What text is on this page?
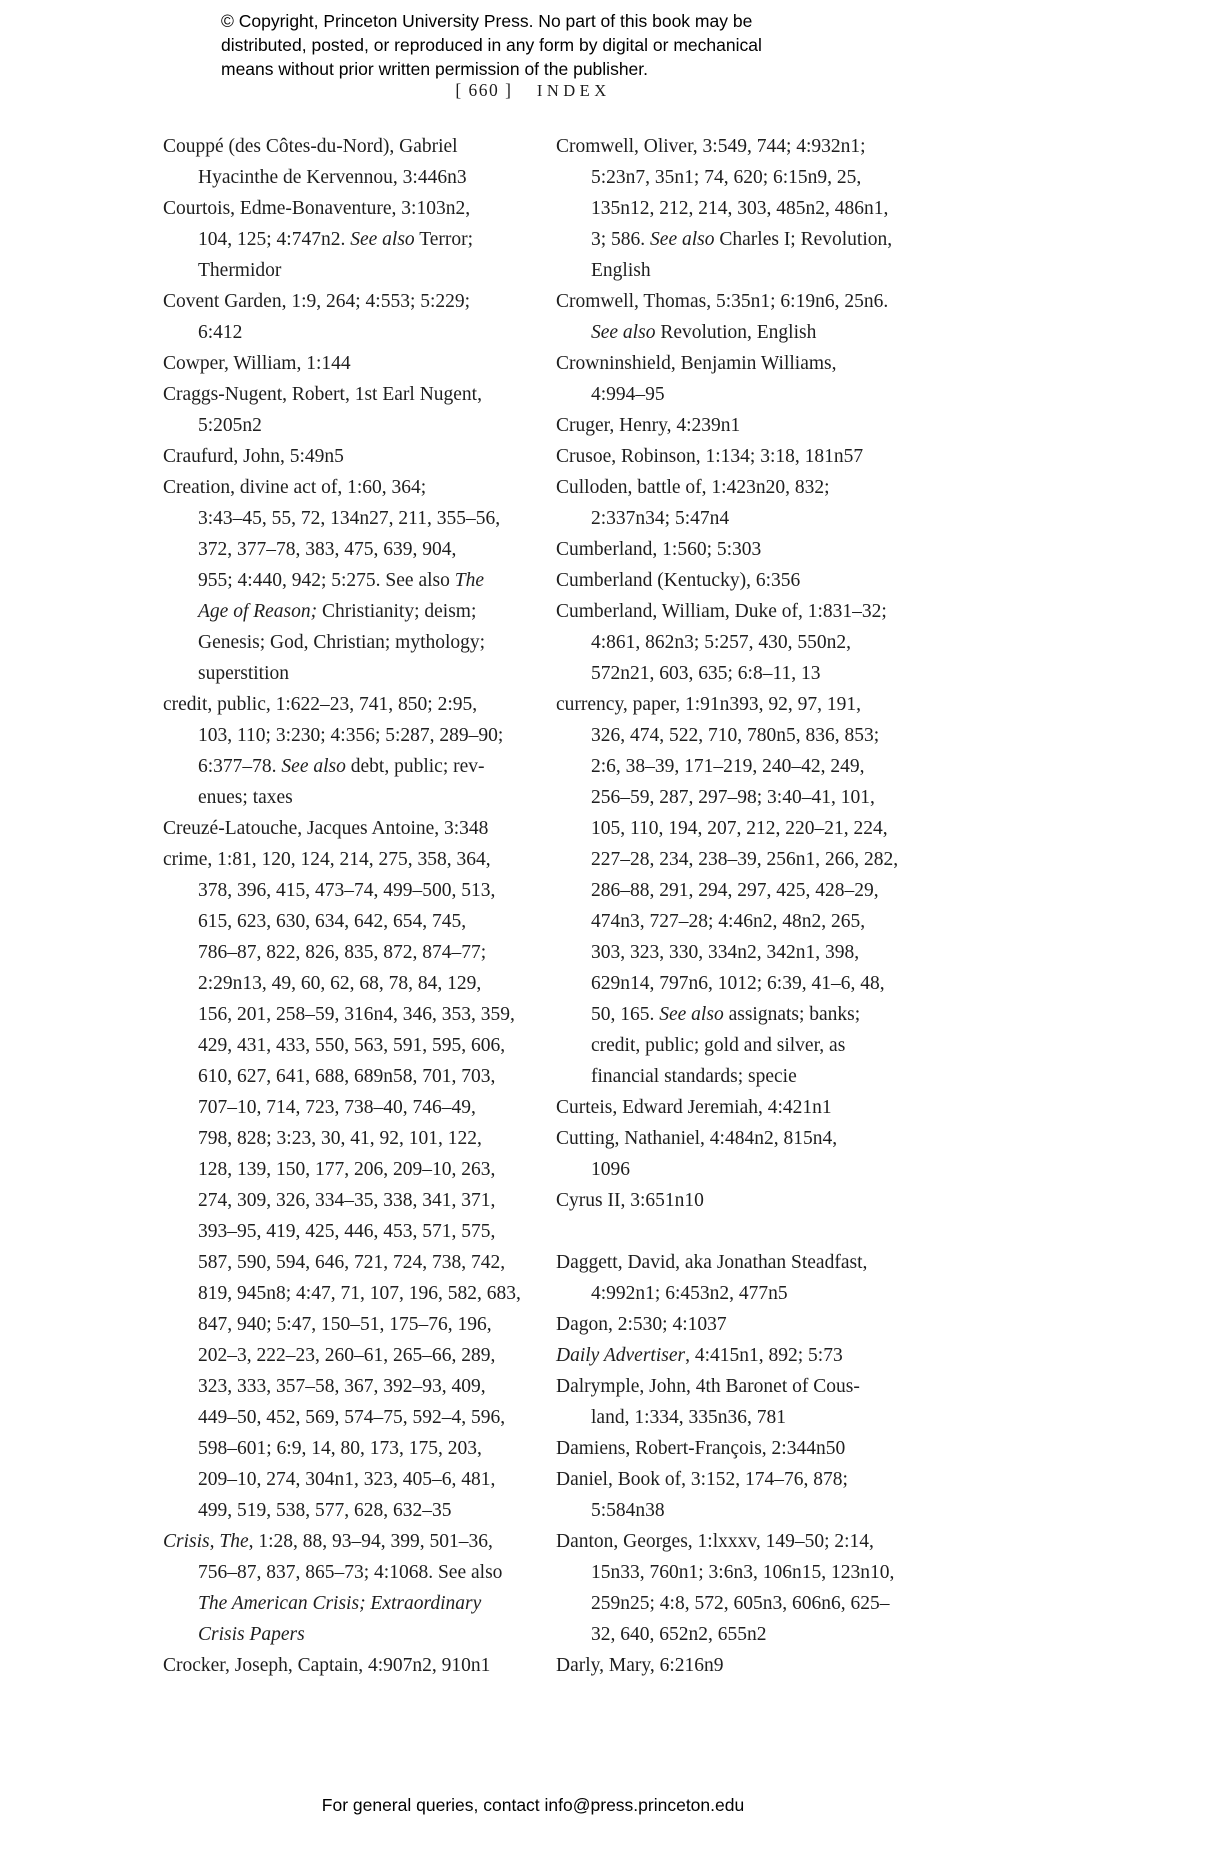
© Copyright, Princeton University Press. No part of this book may be
distributed, posted, or reproduced in any form by digital or mechanical
means without prior written permission of the publisher.
[ 660 ] INDEX
Couppé (des Côtes-du-Nord), Gabriel
Hyacinthe de Kervennou, 3:446n3
Courtois, Edme-Bonaventure, 3:103n2,
104, 125; 4:747n2. See also Terror;
Thermidor
Covent Garden, 1:9, 264; 4:553; 5:229;
6:412
Cowper, William, 1:144
Craggs-Nugent, Robert, 1st Earl Nugent,
5:205n2
Craufurd, John, 5:49n5
Creation, divine act of, 1:60, 364;
3:43–45, 55, 72, 134n27, 211, 355–56,
372, 377–78, 383, 475, 639, 904,
955; 4:440, 942; 5:275. See also The
Age of Reason; Christianity; deism;
Genesis; God, Christian; mythology;
superstition
credit, public, 1:622–23, 741, 850; 2:95,
103, 110; 3:230; 4:356; 5:287, 289–90;
6:377–78. See also debt, public; rev-
enues; taxes
Creuzé-Latouche, Jacques Antoine, 3:348
crime, 1:81, 120, 124, 214, 275, 358, 364,
378, 396, 415, 473–74, 499–500, 513,
615, 623, 630, 634, 642, 654, 745,
786–87, 822, 826, 835, 872, 874–77;
2:29n13, 49, 60, 62, 68, 78, 84, 129,
156, 201, 258–59, 316n4, 346, 353, 359,
429, 431, 433, 550, 563, 591, 595, 606,
610, 627, 641, 688, 689n58, 701, 703,
707–10, 714, 723, 738–40, 746–49,
798, 828; 3:23, 30, 41, 92, 101, 122,
128, 139, 150, 177, 206, 209–10, 263,
274, 309, 326, 334–35, 338, 341, 371,
393–95, 419, 425, 446, 453, 571, 575,
587, 590, 594, 646, 721, 724, 738, 742,
819, 945n8; 4:47, 71, 107, 196, 582, 683,
847, 940; 5:47, 150–51, 175–76, 196,
202–3, 222–23, 260–61, 265–66, 289,
323, 333, 357–58, 367, 392–93, 409,
449–50, 452, 569, 574–75, 592–4, 596,
598–601; 6:9, 14, 80, 173, 175, 203,
209–10, 274, 304n1, 323, 405–6, 481,
499, 519, 538, 577, 628, 632–35
Crisis, The, 1:28, 88, 93–94, 399, 501–36,
756–87, 837, 865–73; 4:1068. See also
The American Crisis; Extraordinary
Crisis Papers
Crocker, Joseph, Captain, 4:907n2, 910n1
Cromwell, Oliver, 3:549, 744; 4:932n1;
5:23n7, 35n1; 74, 620; 6:15n9, 25,
135n12, 212, 214, 303, 485n2, 486n1,
3; 586. See also Charles I; Revolution,
English
Cromwell, Thomas, 5:35n1; 6:19n6, 25n6.
See also Revolution, English
Crowninshield, Benjamin Williams,
4:994–95
Cruger, Henry, 4:239n1
Crusoe, Robinson, 1:134; 3:18, 181n57
Culloden, battle of, 1:423n20, 832;
2:337n34; 5:47n4
Cumberland, 1:560; 5:303
Cumberland (Kentucky), 6:356
Cumberland, William, Duke of, 1:831–32;
4:861, 862n3; 5:257, 430, 550n2,
572n21, 603, 635; 6:8–11, 13
currency, paper, 1:91n393, 92, 97, 191,
326, 474, 522, 710, 780n5, 836, 853;
2:6, 38–39, 171–219, 240–42, 249,
256–59, 287, 297–98; 3:40–41, 101,
105, 110, 194, 207, 212, 220–21, 224,
227–28, 234, 238–39, 256n1, 266, 282,
286–88, 291, 294, 297, 425, 428–29,
474n3, 727–28; 4:46n2, 48n2, 265,
303, 323, 330, 334n2, 342n1, 398,
629n14, 797n6, 1012; 6:39, 41–6, 48,
50, 165. See also assignats; banks;
credit, public; gold and silver, as
financial standards; specie
Curteis, Edward Jeremiah, 4:421n1
Cutting, Nathaniel, 4:484n2, 815n4,
1096
Cyrus II, 3:651n10
Daggett, David, aka Jonathan Steadfast,
4:992n1; 6:453n2, 477n5
Dagon, 2:530; 4:1037
Daily Advertiser, 4:415n1, 892; 5:73
Dalrymple, John, 4th Baronet of Cous-
land, 1:334, 335n36, 781
Damiens, Robert-François, 2:344n50
Daniel, Book of, 3:152, 174–76, 878;
5:584n38
Danton, Georges, 1:lxxxv, 149–50; 2:14,
15n33, 760n1; 3:6n3, 106n15, 123n10,
259n25; 4:8, 572, 605n3, 606n6, 625–
32, 640, 652n2, 655n2
Darly, Mary, 6:216n9
For general queries, contact info@press.princeton.edu
